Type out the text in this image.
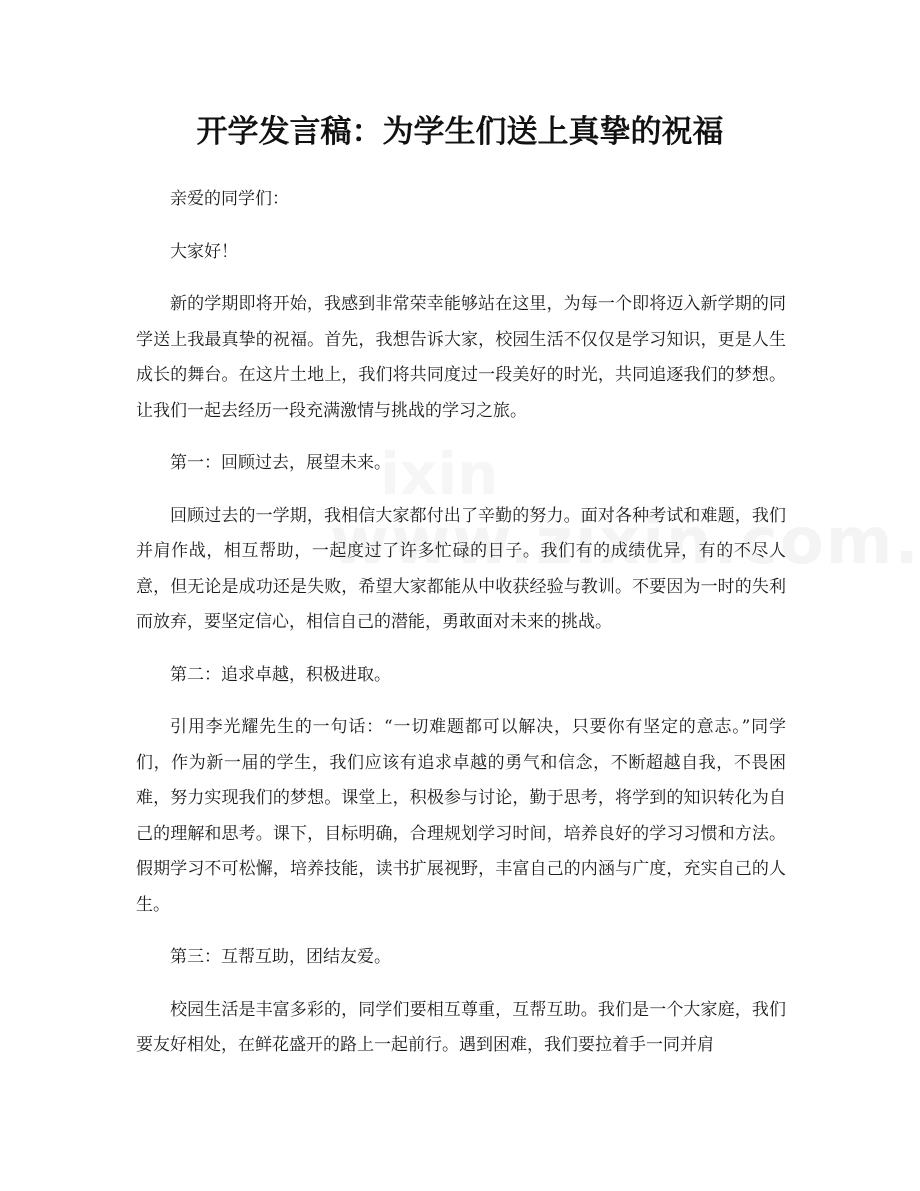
开学发言稿：为学生们送上真挚的祝福

亲爱的同学们：

大家好！

新的学期即将开始，我感到非常荣幸能够站在这里，为每一个即将迈入新学期的同学送上我最真挚的祝福。首先，我想告诉大家，校园生活不仅仅是学习知识，更是人生成长的舞台。在这片土地上，我们将共同度过一段美好的时光，共同追逐我们的梦想。让我们一起去经历一段充满激情与挑战的学习之旅。

第一：回顾过去，展望未来。

回顾过去的一学期，我相信大家都付出了辛勤的努力。面对各种考试和难题，我们并肩作战，相互帮助，一起度过了许多忙碌的日子。我们有的成绩优异，有的不尽人意，但无论是成功还是失败，希望大家都能从中收获经验与教训。不要因为一时的失利而放弃，要坚定信心，相信自己的潜能，勇敢面对未来的挑战。

第二：追求卓越，积极进取。

引用李光耀先生的一句话：“一切难题都可以解决，只要你有坚定的意志。”同学们，作为新一届的学生，我们应该有追求卓越的勇气和信念，不断超越自我，不畏困难，努力实现我们的梦想。课堂上，积极参与讨论，勤于思考，将学到的知识转化为自己的理解和思考。课下，目标明确，合理规划学习时间，培养良好的学习习惯和方法。假期学习不可松懈，培养技能，读书扩展视野，丰富自己的内涵与广度，充实自己的人生。

第三：互帮互助，团结友爱。

校园生活是丰富多彩的，同学们要相互尊重，互帮互助。我们是一个大家庭，我们要友好相处，在鲜花盛开的路上一起前行。遇到困难，我们要拉着手一同并肩
